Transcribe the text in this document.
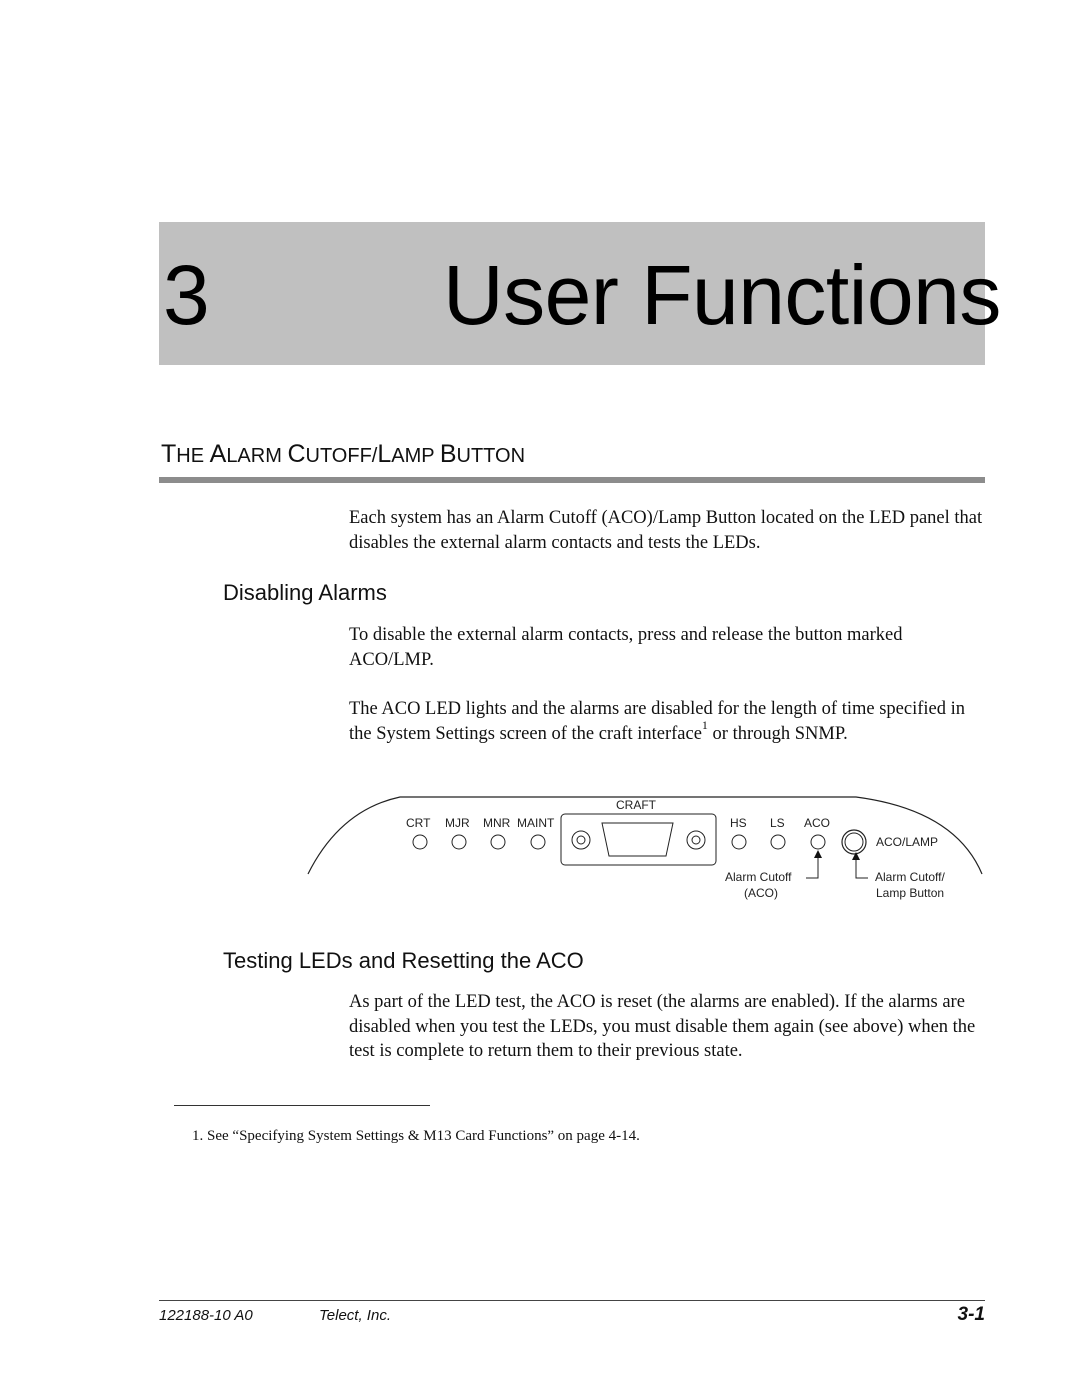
3	User Functions
THE ALARM CUTOFF/LAMP BUTTON
Each system has an Alarm Cutoff (ACO)/Lamp Button located on the LED panel that disables the external alarm contacts and tests the LEDs.
Disabling Alarms
To disable the external alarm contacts, press and release the button marked ACO/LMP.
The ACO LED lights and the alarms are disabled for the length of time specified in the System Settings screen of the craft interface$^1$ or through SNMP.
CRT MJR MNR MAINT
CRAFT
HS LS ACO
ACO/LAMP
Alarm Cutoff
(ACO)
Alarm Cutoff/
Lamp Button
Testing LEDs and Resetting the ACO
As part of the LED test, the ACO is reset (the alarms are enabled). If the alarms are disabled when you test the LEDs, you must disable them again (see above) when the test is complete to return them to their previous state.
1. See “Specifying System Settings & M13 Card Functions” on page 4-14.
122188-10 A0	Telect, Inc.	3-1
